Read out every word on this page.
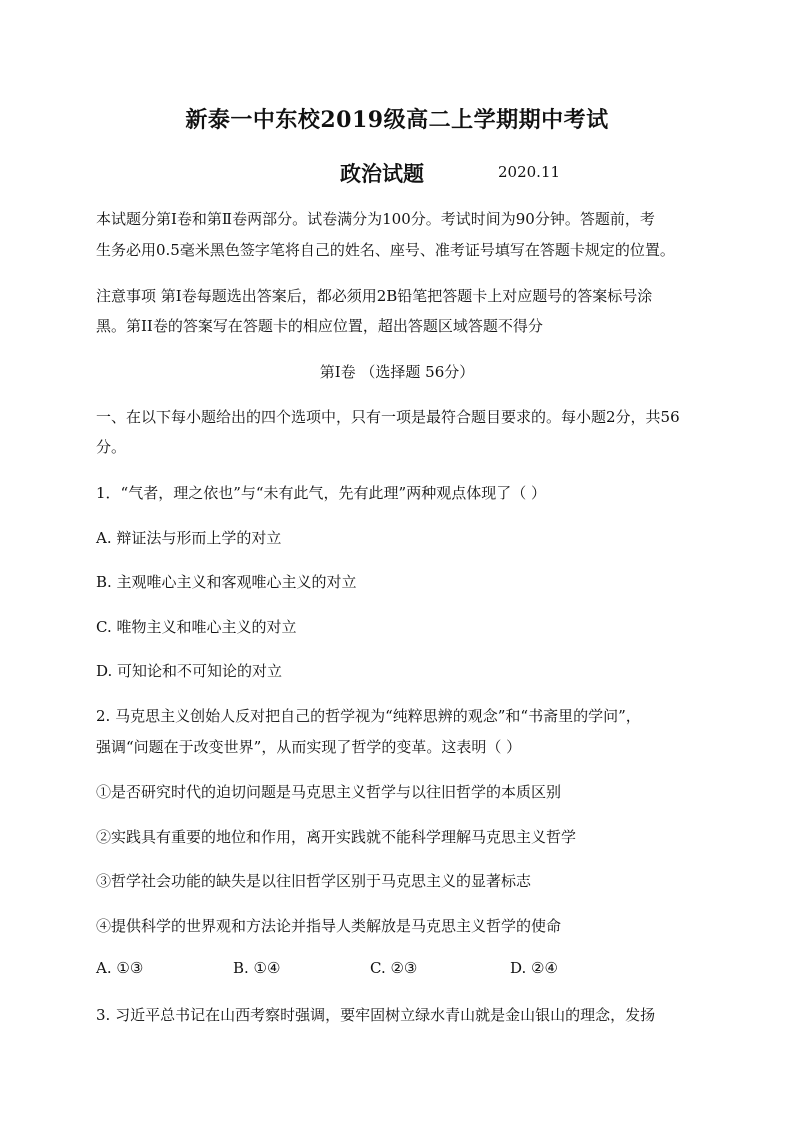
新泰一中东校2019级高二上学期期中考试
政治试题	2020.11
本试题分第Ⅰ卷和第Ⅱ卷两部分。试卷满分为100分。考试时间为90分钟。答题前，考
生务必用0.5毫米黑色签字笔将自己的姓名、座号、准考证号填写在答题卡规定的位置。
注意事项 第Ⅰ卷每题选出答案后，都必须用2B铅笔把答题卡上对应题号的答案标号涂
黑。第II卷的答案写在答题卡的相应位置，超出答题区域答题不得分
第I卷 （选择题 56分）
一、在以下每小题给出的四个选项中，只有一项是最符合题目要求的。每小题2分，共56
分。
1．“气者，理之依也”与“未有此气，先有此理”两种观点体现了（ ）
A. 辩证法与形而上学的对立
B. 主观唯心主义和客观唯心主义的对立
C. 唯物主义和唯心主义的对立
D. 可知论和不可知论的对立
2. 马克思主义创始人反对把自己的哲学视为“纯粹思辨的观念”和“书斋里的学问”，
强调“问题在于改变世界”，从而实现了哲学的变革。这表明（ ）
①是否研究时代的迫切问题是马克思主义哲学与以往旧哲学的本质区别
②实践具有重要的地位和作用，离开实践就不能科学理解马克思主义哲学
③哲学社会功能的缺失是以往旧哲学区别于马克思主义的显著标志
④提供科学的世界观和方法论并指导人类解放是马克思主义哲学的使命
A. ①③	B. ①④	C. ②③	D. ②④
3. 习近平总书记在山西考察时强调，要牢固树立绿水青山就是金山银山的理念，发扬
